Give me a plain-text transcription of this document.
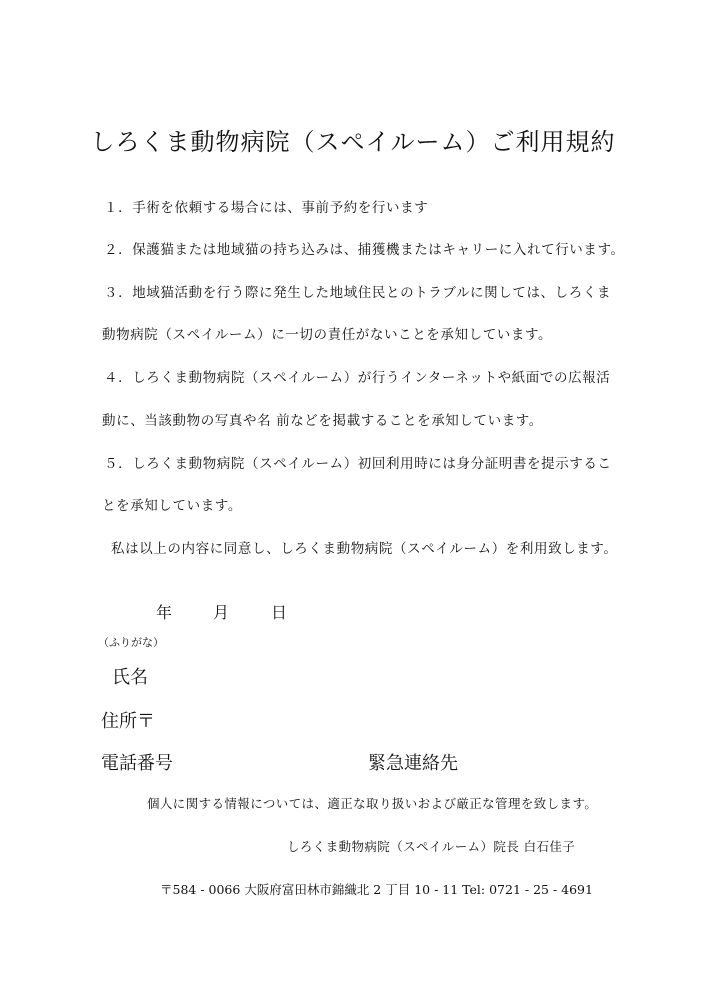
しろくま動物病院（スペイルーム）ご利用規約
１．手術を依頼する場合には、事前予約を行います
２．保護猫または地域猫の持ち込みは、捕獲機またはキャリーに入れて行います。
３．地域猫活動を行う際に発生した地域住民とのトラブルに関しては、しろくま
動物病院（スペイルーム）に一切の責任がないことを承知しています。
４．しろくま動物病院（スペイルーム）が行うインターネットや紙面での広報活
動に、当該動物の写真や名 前などを掲載することを承知しています。
５．しろくま動物病院（スペイルーム）初回利用時には身分証明書を提示するこ
とを承知しています。
私は以上の内容に同意し、しろくま動物病院（スペイルーム）を利用致します。
年	月	日
（ふりがな）
氏名
住所〒
電話番号	緊急連絡先
個人に関する情報については、適正な取り扱いおよび厳正な管理を致します。
しろくま動物病院（スペイルーム）院長 白石佳子
〒584 - 0066 大阪府富田林市錦織北 2 丁目 10 - 11 Tel: 0721 - 25 - 4691
